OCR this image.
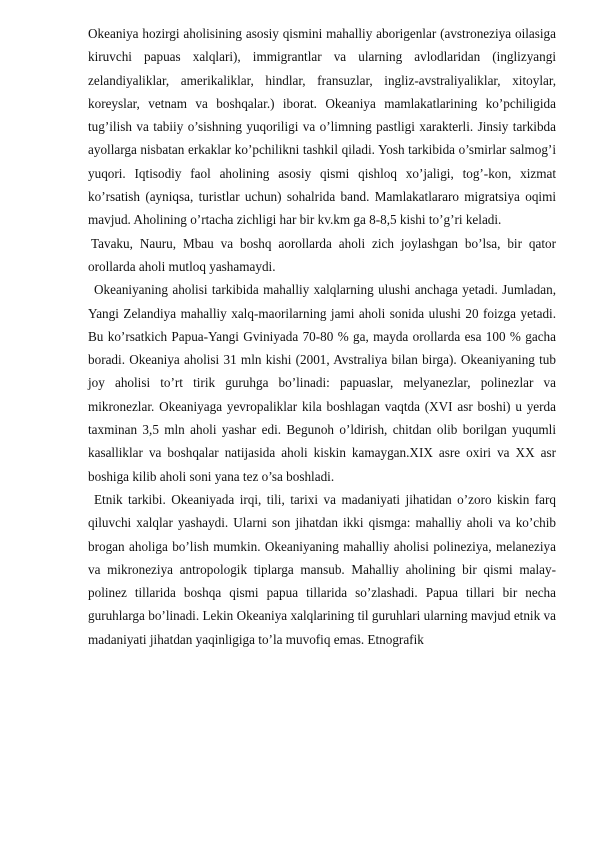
Okeaniya hozirgi aholisining asosiy qismini mahalliy aborigenlar (avstroneziya oilasiga kiruvchi papuas xalqlari), immigrantlar va ularning avlodlaridan (inglizyangi zelandiyaliklar, amerikaliklar, hindlar, fransuzlar, ingliz-avstraliyaliklar, xitoylar, koreyslar, vetnam va boshqalar.) iborat. Okeaniya mamlakatlarining ko’pchiligida tug’ilish va tabiiy o’sishning yuqoriligi va o’limning pastligi xarakterli. Jinsiy tarkibda ayollarga nisbatan erkaklar ko’pchilikni tashkil qiladi. Yosh tarkibida o’smirlar salmog’i yuqori. Iqtisodiy faol aholining asosiy qismi qishloq xo’jaligi, tog’-kon, xizmat ko’rsatish (ayniqsa, turistlar uchun) sohalrida band. Mamlakatlararo migratsiya oqimi mavjud. Aholining o’rtacha zichligi har bir kv.km ga 8-8,5 kishi to’g’ri keladi.

Tavaku, Nauru, Mbau va boshq aorollarda aholi zich joylashgan bo’lsa, bir qator orollarda aholi mutloq yashamaydi.

Okeaniyaning aholisi tarkibida mahalliy xalqlarning ulushi anchaga yetadi. Jumladan, Yangi Zelandiya mahalliy xalq-maorilarning jami aholi sonida ulushi 20 foizga yetadi. Bu ko’rsatkich Papua-Yangi Gviniyada 70-80 % ga, mayda orollarda esa 100 % gacha boradi. Okeaniya aholisi 31 mln kishi (2001, Avstraliya bilan birga). Okeaniyaning tub joy aholisi to’rt tirik guruhga bo’linadi: papuaslar, melyanezlar, polinezlar va mikronezlar. Okeaniyaga yevropaliklar kila boshlagan vaqtda (XVI asr boshi) u yerda taxminan 3,5 mln aholi yashar edi. Begunoh o’ldirish, chitdan olib borilgan yuqumli kasalliklar va boshqalar natijasida aholi kiskin kamaygan.XIX asre oxiri va XX asr boshiga kilib aholi soni yana tez o’sa boshladi.

Etnik tarkibi. Okeaniyada irqi, tili, tarixi va madaniyati jihatidan o’zoro kiskin farq qiluvchi xalqlar yashaydi. Ularni son jihatdan ikki qismga: mahalliy aholi va ko’chib brogan aholiga bo’lish mumkin. Okeaniyaning mahalliy aholisi polineziya, melaneziya va mikroneziya antropologik tiplarga mansub. Mahalliy aholining bir qismi malay-polinez tillarida boshqa qismi papua tillarida so’zlashadi. Papua tillari bir necha guruhlarga bo’linadi. Lekin Okeaniya xalqlarining til guruhlari ularning mavjud etnik va madaniyati jihatdan yaqinligiga to’la muvofiq emas. Etnografik
